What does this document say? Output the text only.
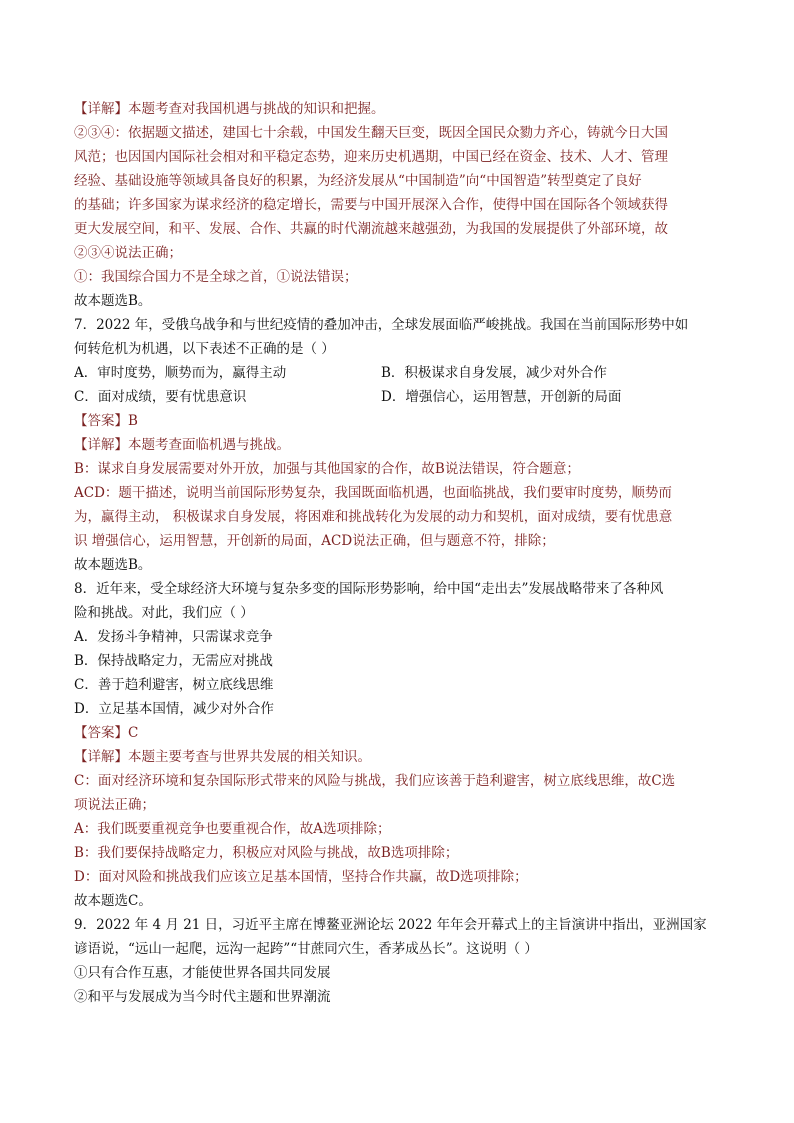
【详解】本题考查对我国机遇与挑战的知识和把握。
②③④：依据题文描述，建国七十余载，中国发生翻天巨变，既因全国民众勠力齐心，铸就今日大国
风范；也因国内国际社会相对和平稳定态势，迎来历史机遇期，中国已经在资金、技术、人才、管理
经验、基础设施等领域具备良好的积累，为经济发展从“中国制造”向“中国智造”转型奠定了良好
的基础；许多国家为谋求经济的稳定增长，需要与中国开展深入合作，使得中国在国际各个领域获得
更大发展空间，和平、发展、合作、共赢的时代潮流越来越强劲，为我国的发展提供了外部环境，故
②③④说法正确；
①：我国综合国力不是全球之首，①说法错误；
故本题选B。
7．2022 年，受俄乌战争和与世纪疫情的叠加冲击，全球发展面临严峻挑战。我国在当前国际形势中如
何转危机为机遇，以下表述不正确的是（ ）
A．审时度势，顺势而为，赢得主动	B．积极谋求自身发展，减少对外合作
C．面对成绩，要有忧患意识	D．增强信心，运用智慧，开创新的局面
【答案】B
【详解】本题考查面临机遇与挑战。
B：谋求自身发展需要对外开放，加强与其他国家的合作，故B说法错误，符合题意；
ACD：题干描述，说明当前国际形势复杂，我国既面临机遇，也面临挑战，我们要审时度势，顺势而
为，赢得主动， 积极谋求自身发展，将困难和挑战转化为发展的动力和契机，面对成绩，要有忧患意
识 增强信心，运用智慧，开创新的局面，ACD说法正确，但与题意不符，排除；
故本题选B。
8．近年来，受全球经济大环境与复杂多变的国际形势影响，给中国“走出去”发展战略带来了各种风
险和挑战。对此，我们应（ ）
A．发扬斗争精神，只需谋求竞争
B．保持战略定力，无需应对挑战
C．善于趋利避害，树立底线思维
D．立足基本国情，减少对外合作
【答案】C
【详解】本题主要考查与世界共发展的相关知识。
C：面对经济环境和复杂国际形式带来的风险与挑战，我们应该善于趋利避害，树立底线思维，故C选
项说法正确；
A：我们既要重视竞争也要重视合作，故A选项排除；
B：我们要保持战略定力，积极应对风险与挑战，故B选项排除；
D：面对风险和挑战我们应该立足基本国情，坚持合作共赢，故D选项排除；
故本题选C。
9．2022 年 4 月 21 日，习近平主席在博鳌亚洲论坛 2022 年年会开幕式上的主旨演讲中指出，亚洲国家
谚语说，“远山一起爬，远沟一起跨”“甘蔗同穴生，香茅成丛长”。这说明（ ）
①只有合作互惠，才能使世界各国共同发展
②和平与发展成为当今时代主题和世界潮流
